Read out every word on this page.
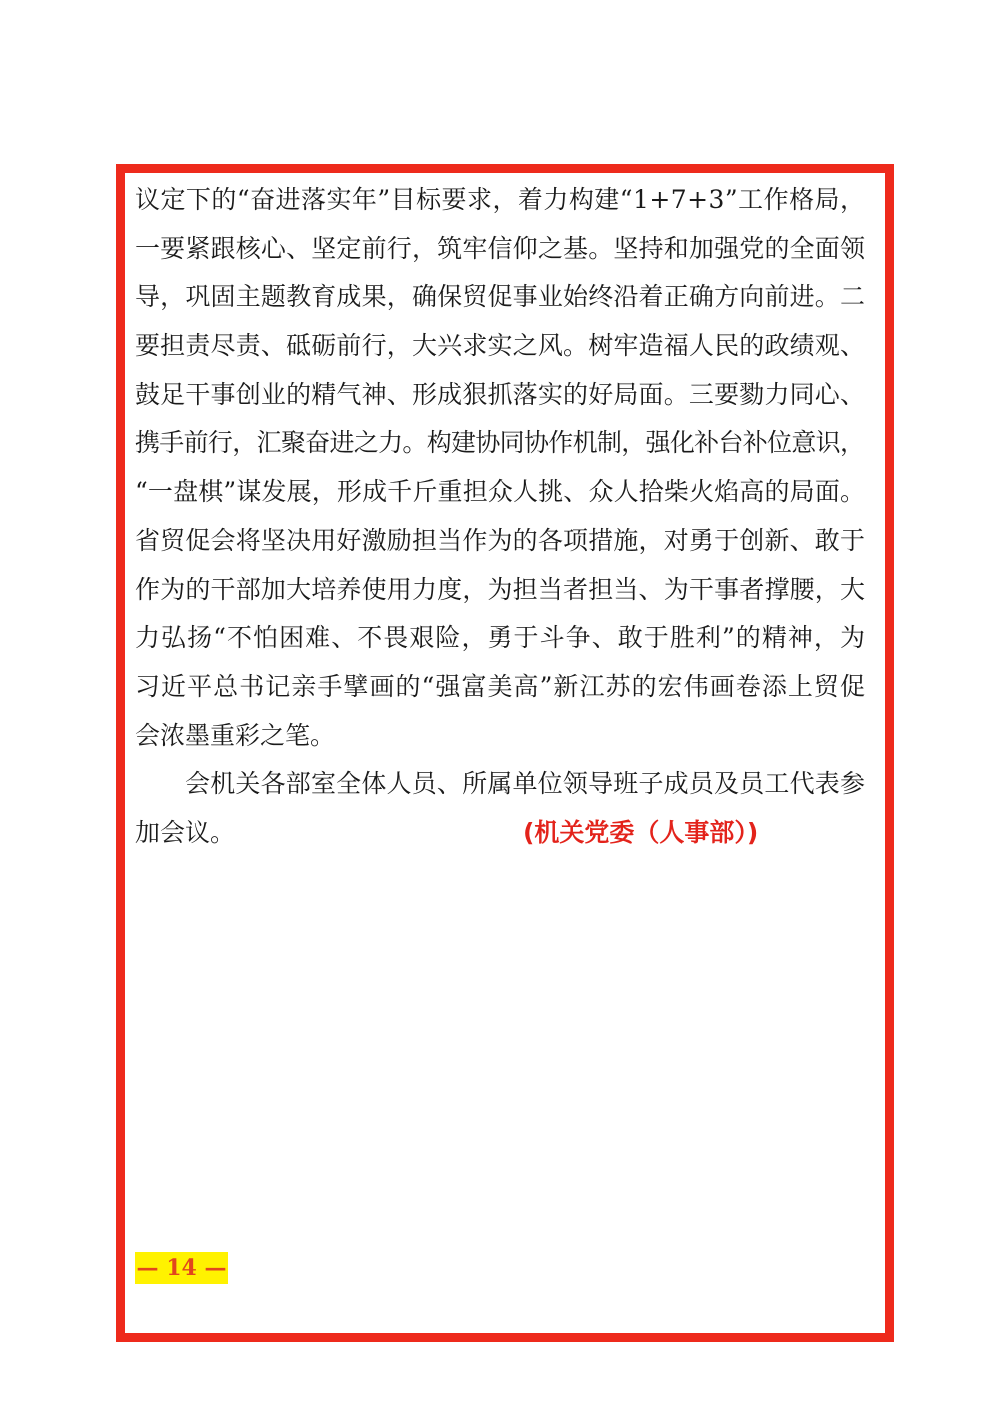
议定下的“奋进落实年”目标要求，着力构建“1+7+3”工作格局，
一要紧跟核心、坚定前行，筑牢信仰之基。坚持和加强党的全面领
导，巩固主题教育成果，确保贸促事业始终沿着正确方向前进。二
要担责尽责、砥砺前行，大兴求实之风。树牢造福人民的政绩观、
鼓足干事创业的精气神、形成狠抓落实的好局面。三要勠力同心、
携手前行，汇聚奋进之力。构建协同协作机制，强化补台补位意识，
“一盘棋”谋发展，形成千斤重担众人挑、众人拾柴火焰高的局面。
省贸促会将坚决用好激励担当作为的各项措施，对勇于创新、敢于
作为的干部加大培养使用力度，为担当者担当、为干事者撑腰，大
力弘扬“不怕困难、不畏艰险，勇于斗争、敢于胜利”的精神，为
习近平总书记亲手擘画的“强富美高”新江苏的宏伟画卷添上贸促
会浓墨重彩之笔。
会机关各部室全体人员、所属单位领导班子成员及员工代表参
加会议。	(机关党委（人事部）)
— 14 —
